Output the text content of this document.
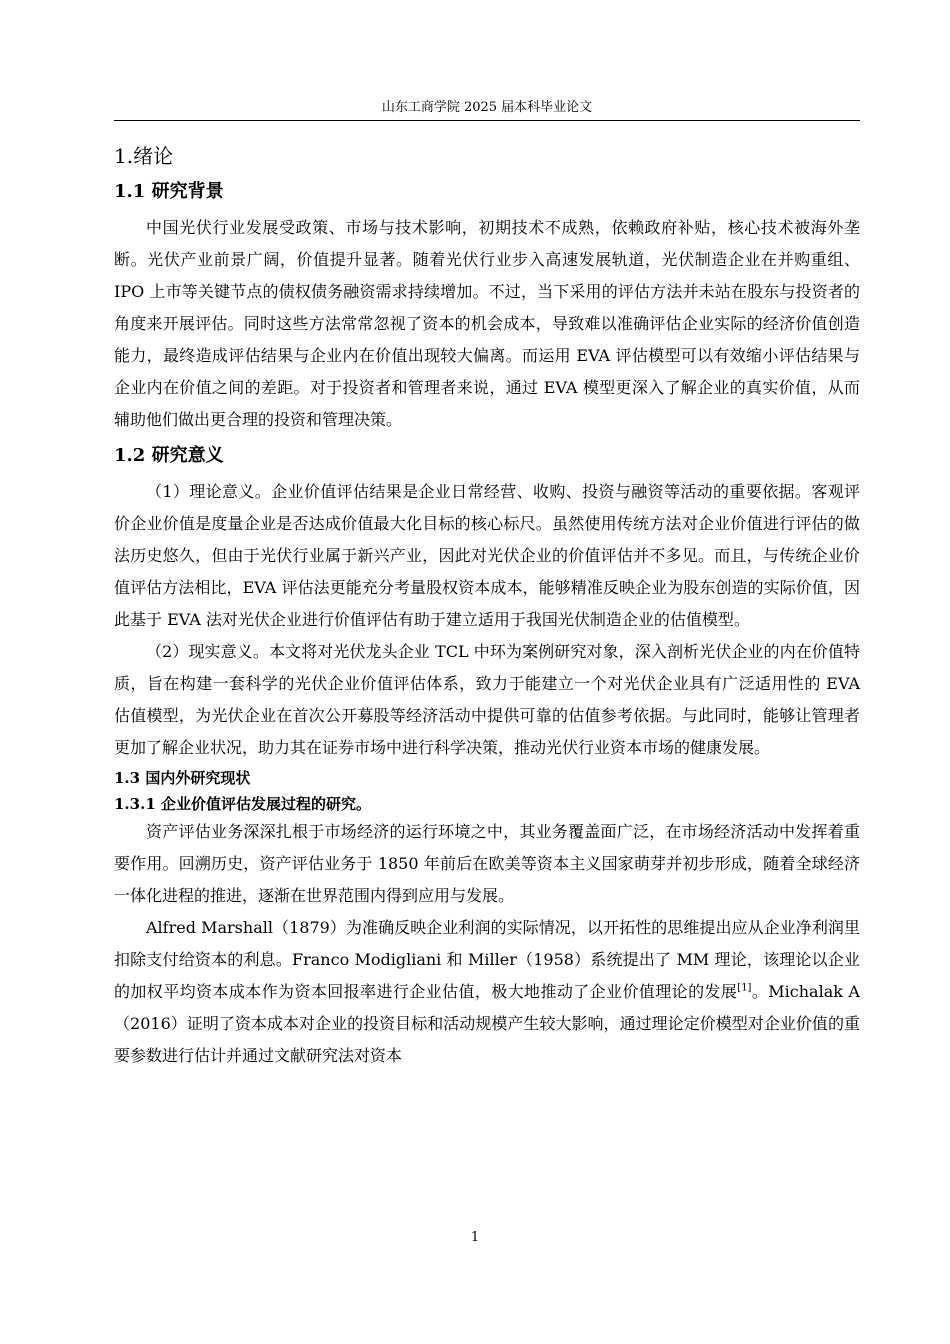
山东工商学院 2025 届本科毕业论文
1.绪论
1.1 研究背景

中国光伏行业发展受政策、市场与技术影响，初期技术不成熟，依赖政府补贴，核心技术被海外垄断。光伏产业前景广阔，价值提升显著。随着光伏行业步入高速发展轨道，光伏制造企业在并购重组、IPO 上市等关键节点的债权债务融资需求持续增加。不过，当下采用的评估方法并未站在股东与投资者的角度来开展评估。同时这些方法常常忽视了资本的机会成本，导致难以准确评估企业实际的经济价值创造能力，最终造成评估结果与企业内在价值出现较大偏离。而运用 EVA 评估模型可以有效缩小评估结果与企业内在价值之间的差距。对于投资者和管理者来说，通过 EVA 模型更深入了解企业的真实价值，从而辅助他们做出更合理的投资和管理决策。

1.2 研究意义

（1）理论意义。企业价值评估结果是企业日常经营、收购、投资与融资等活动的重要依据。客观评价企业价值是度量企业是否达成价值最大化目标的核心标尺。虽然使用传统方法对企业价值进行评估的做法历史悠久，但由于光伏行业属于新兴产业，因此对光伏企业的价值评估并不多见。而且，与传统企业价值评估方法相比，EVA 评估法更能充分考量股权资本成本，能够精准反映企业为股东创造的实际价值，因此基于 EVA 法对光伏企业进行价值评估有助于建立适用于我国光伏制造企业的估值模型。

（2）现实意义。本文将对光伏龙头企业 TCL 中环为案例研究对象，深入剖析光伏企业的内在价值特质，旨在构建一套科学的光伏企业价值评估体系，致力于能建立一个对光伏企业具有广泛适用性的 EVA 估值模型，为光伏企业在首次公开募股等经济活动中提供可靠的估值参考依据。与此同时，能够让管理者更加了解企业状况，助力其在证券市场中进行科学决策，推动光伏行业资本市场的健康发展。

1.3 国内外研究现状
1.3.1 企业价值评估发展过程的研究。

资产评估业务深深扎根于市场经济的运行环境之中，其业务覆盖面广泛，在市场经济活动中发挥着重要作用。回溯历史，资产评估业务于 1850 年前后在欧美等资本主义国家萌芽并初步形成，随着全球经济一体化进程的推进，逐渐在世界范围内得到应用与发展。

Alfred Marshall（1879）为准确反映企业利润的实际情况，以开拓性的思维提出应从企业净利润里扣除支付给资本的利息。Franco Modigliani 和 Miller（1958）系统提出了 MM 理论，该理论以企业的加权平均资本成本作为资本回报率进行企业估值，极大地推动了企业价值理论的发展[1]。Michalak A（2016）证明了资本成本对企业的投资目标和活动规模产生较大影响，通过理论定价模型对企业价值的重要参数进行估计并通过文献研究法对资本

1
